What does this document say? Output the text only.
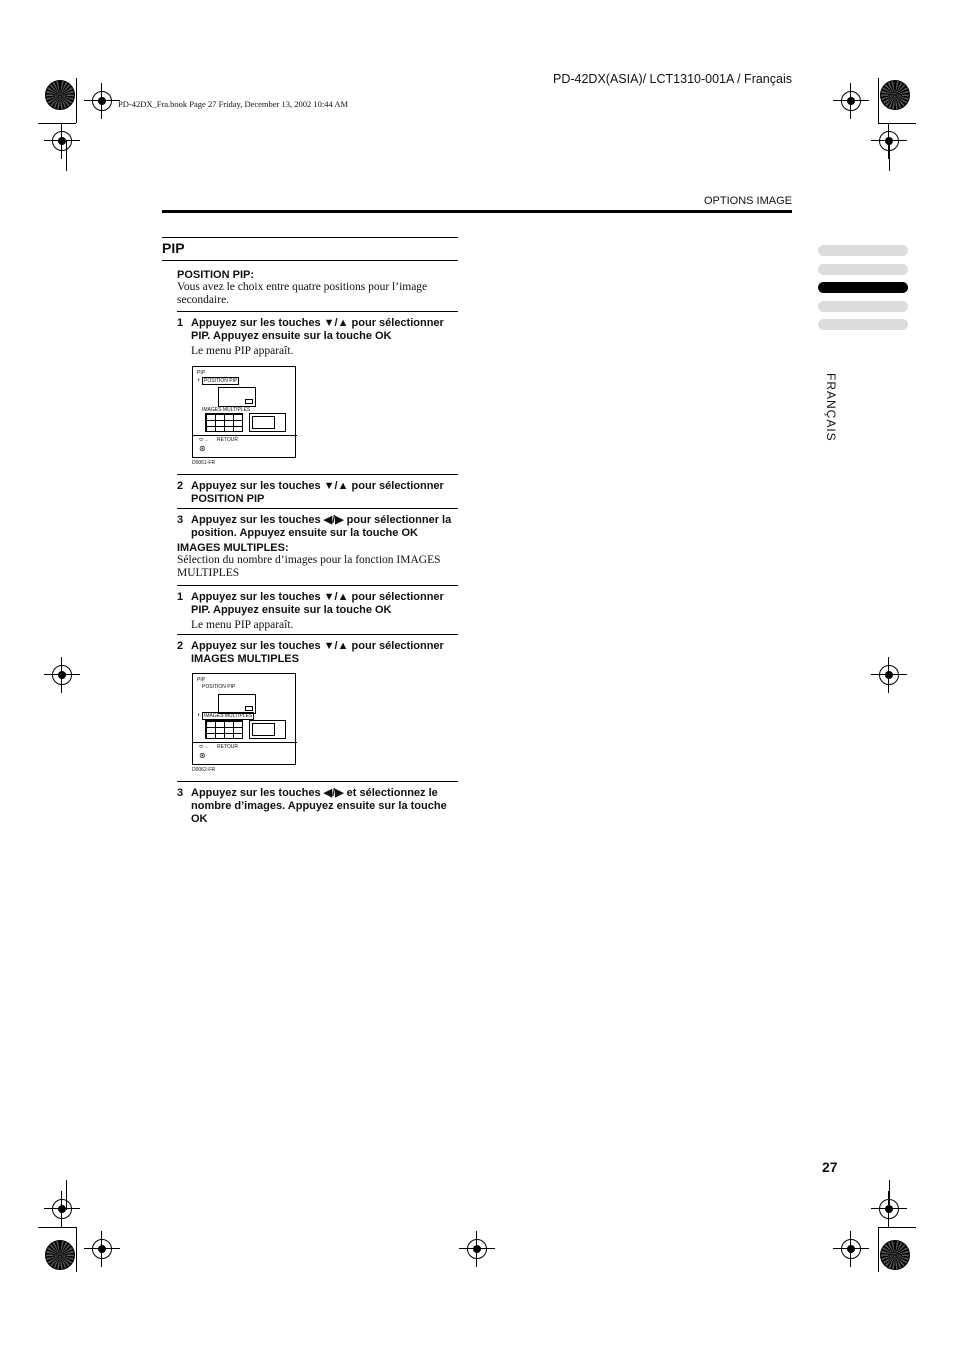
PD-42DX(ASIA)/ LCT1310-001A / Français
PD-42DX_Fra.book Page 27 Friday, December 13, 2002 10:44 AM
OPTIONS IMAGE
PIP
POSITION PIP:
Vous avez le choix entre quatre positions pour l’image secondaire.
1 Appuyez sur les touches ▼/▲ pour sélectionner PIP. Appuyez ensuite sur la touche OK
Le menu PIP apparaît.
PIP
◖ POSITION PIP
IMAGES MULTIPLES
⬭ ← RETOUR
⊛
D0061-FR
2 Appuyez sur les touches ▼/▲ pour sélectionner POSITION PIP
3 Appuyez sur les touches ◀/▶ pour sélectionner la position. Appuyez ensuite sur la touche OK
IMAGES MULTIPLES:
Sélection du nombre d’images pour la fonction IMAGES MULTIPLES
1 Appuyez sur les touches ▼/▲ pour sélectionner PIP. Appuyez ensuite sur la touche OK
Le menu PIP apparaît.
2 Appuyez sur les touches ▼/▲ pour sélectionner IMAGES MULTIPLES
PIP
POSITION PIP
◖ IMAGES MULTIPLES
⬭ ← RETOUR
⊛
D0062-FR
3 Appuyez sur les touches ◀/▶ et sélectionnez le nombre d’images. Appuyez ensuite sur la touche OK
FRANÇAIS
27
